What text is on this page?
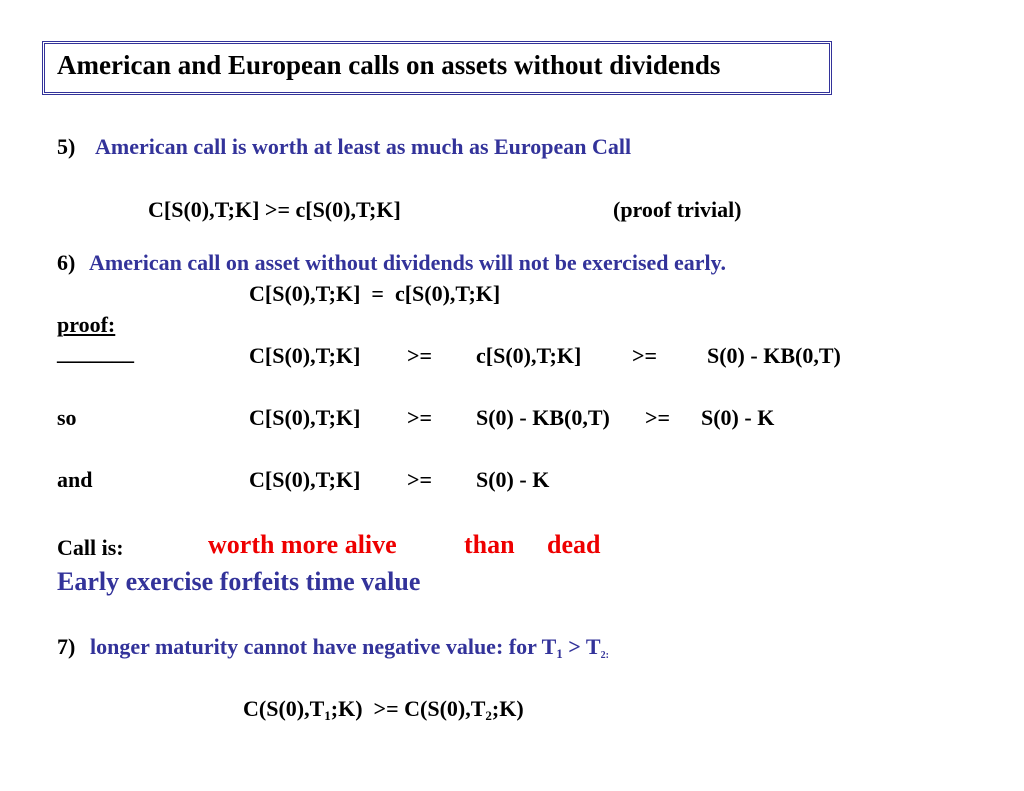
American and European calls on assets without dividends
5) American call is worth at least as much as European Call
C[S(0),T;K] >= c[S(0),T;K]	(proof trivial)
6) American call on asset without dividends will not be exercised early.
C[S(0),T;K]  =  c[S(0),T;K]
proof:
_______	C[S(0),T;K] >= c[S(0),T;K] >= S(0) - KB(0,T)
so	C[S(0),T;K] >= S(0) - KB(0,T) >= S(0) - K
and	C[S(0),T;K] >= S(0) - K
Call is:	worth more alive	than dead
Early exercise forfeits time value
7) longer maturity cannot have negative value: for $T_1 > T_{2:}$
$C(S(0),T_1;K)$  >= $C(S(0),T_2;K)$
